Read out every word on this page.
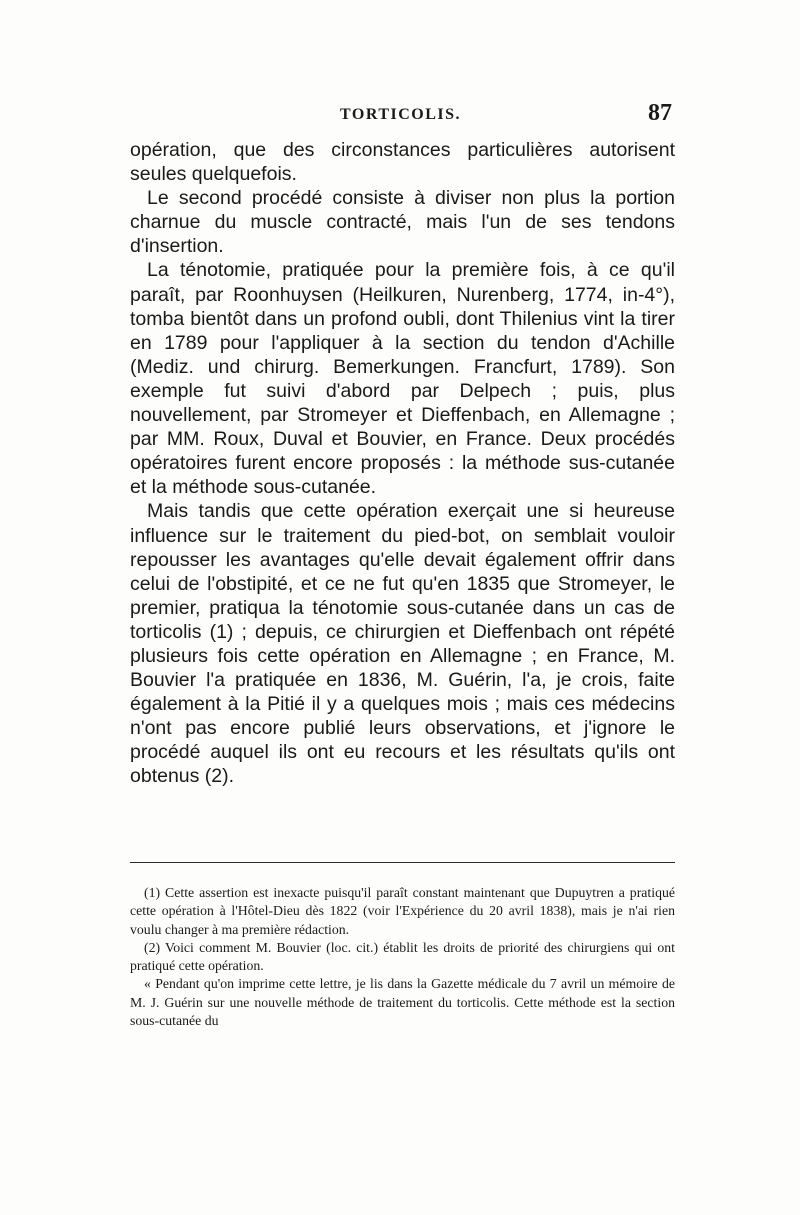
TORTICOLIS.	87

opération, que des circonstances particulières autorisent seules quelquefois.

Le second procédé consiste à diviser non plus la portion charnue du muscle contracté, mais l'un de ses tendons d'insertion.

La ténotomie, pratiquée pour la première fois, à ce qu'il paraît, par Roonhuysen (Heilkuren, Nurenberg, 1774, in-4°), tomba bientôt dans un profond oubli, dont Thilenius vint la tirer en 1789 pour l'appliquer à la section du tendon d'Achille (Mediz. und chirurg. Bemerkungen. Francfurt, 1789). Son exemple fut suivi d'abord par Delpech ; puis, plus nouvellement, par Stromeyer et Dieffenbach, en Allemagne ; par MM. Roux, Duval et Bouvier, en France. Deux procédés opératoires furent encore proposés : la méthode sus-cutanée et la méthode sous-cutanée.

Mais tandis que cette opération exerçait une si heureuse influence sur le traitement du pied-bot, on semblait vouloir repousser les avantages qu'elle devait également offrir dans celui de l'obstipité, et ce ne fut qu'en 1835 que Stromeyer, le premier, pratiqua la ténotomie sous-cutanée dans un cas de torticolis (1) ; depuis, ce chirurgien et Dieffenbach ont répété plusieurs fois cette opération en Allemagne ; en France, M. Bouvier l'a pratiquée en 1836, M. Guérin, l'a, je crois, faite également à la Pitié il y a quelques mois ; mais ces médecins n'ont pas encore publié leurs observations, et j'ignore le procédé auquel ils ont eu recours et les résultats qu'ils ont obtenus (2).

(1) Cette assertion est inexacte puisqu'il paraît constant maintenant que Dupuytren a pratiqué cette opération à l'Hôtel-Dieu dès 1822 (voir l'Expérience du 20 avril 1838), mais je n'ai rien voulu changer à ma première rédaction.

(2) Voici comment M. Bouvier (loc. cit.) établit les droits de priorité des chirurgiens qui ont pratiqué cette opération.

« Pendant qu'on imprime cette lettre, je lis dans la Gazette médicale du 7 avril un mémoire de M. J. Guérin sur une nouvelle méthode de traitement du torticolis. Cette méthode est la section sous-cutanée du
